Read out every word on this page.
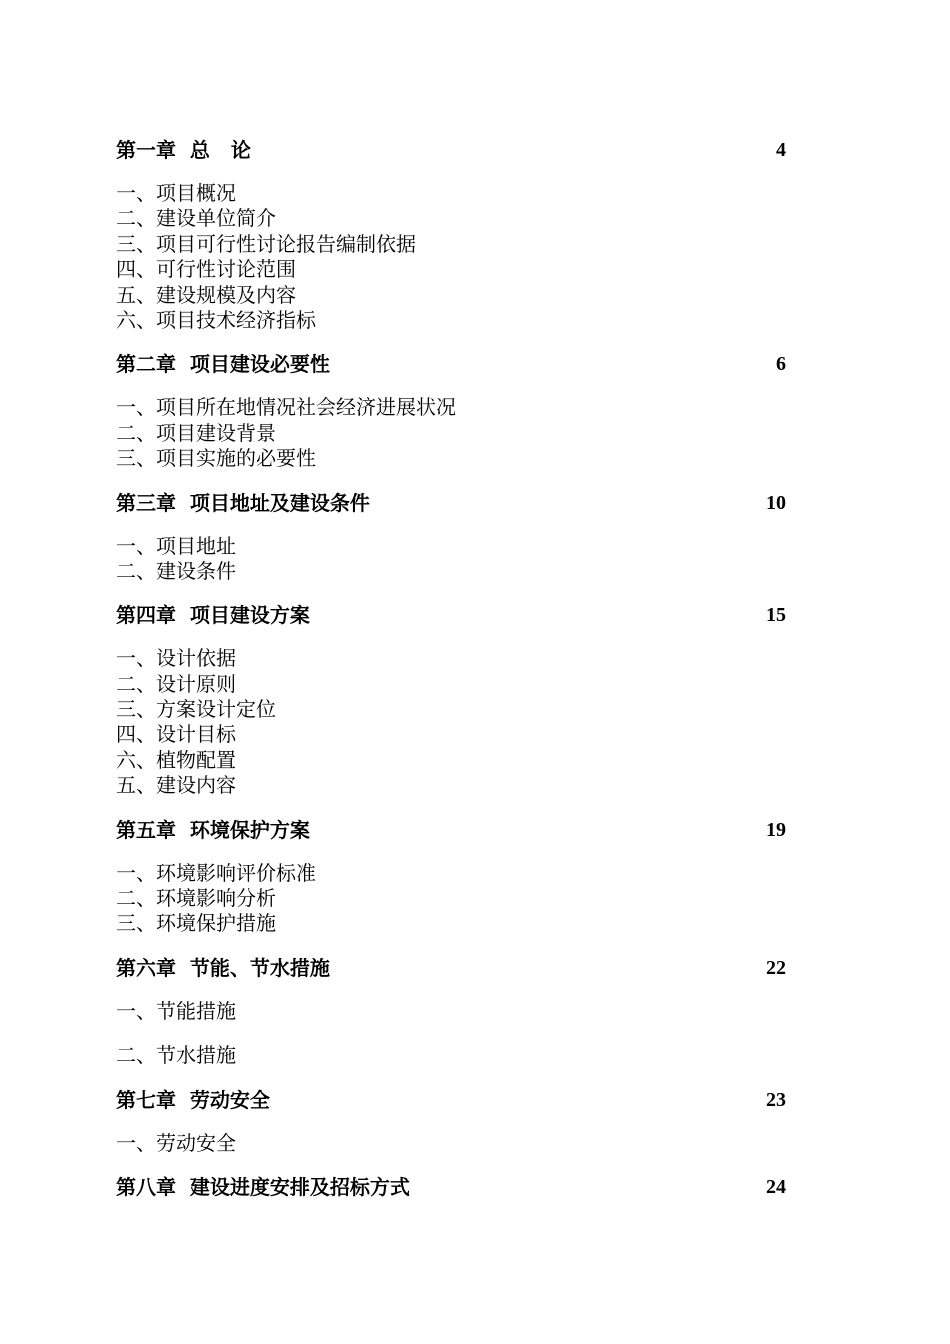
第一章  总   论	4
一、项目概况
二、建设单位简介
三、项目可行性讨论报告编制依据
四、可行性讨论范围
五、建设规模及内容
六、项目技术经济指标
第二章  项目建设必要性	6
一、项目所在地情况社会经济进展状况
二、项目建设背景
三、项目实施的必要性
第三章  项目地址及建设条件	10
一、项目地址
二、建设条件
第四章  项目建设方案	15
一、设计依据
二、设计原则
三、方案设计定位
四、设计目标
六、植物配置
五、建设内容
第五章  环境保护方案	19
一、环境影响评价标准
二、环境影响分析
三、环境保护措施
第六章  节能、节水措施	22
一、节能措施
二、节水措施
第七章  劳动安全	23
一、劳动安全
第八章  建设进度安排及招标方式	24
